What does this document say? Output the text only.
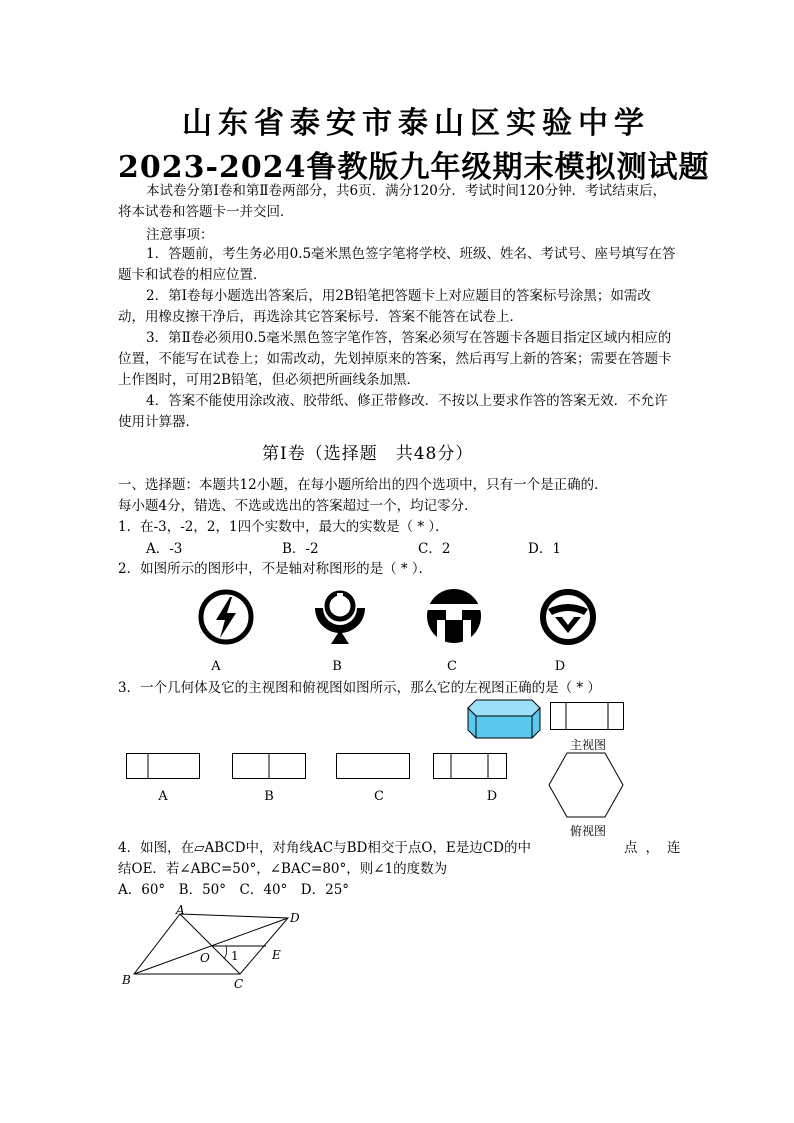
山东省泰安市泰山区实验中学
2023-2024鲁教版九年级期末模拟测试题
本试卷分第Ⅰ卷和第Ⅱ卷两部分，共6页．满分120分．考试时间120分钟．考试结束后，将本试卷和答题卡一并交回．
注意事项：
1．答题前，考生务必用0.5毫米黑色签字笔将学校、班级、姓名、考试号、座号填写在答题卡和试卷的相应位置．
2．第Ⅰ卷每小题选出答案后，用2B铅笔把答题卡上对应题目的答案标号涂黑；如需改动，用橡皮擦干净后，再选涂其它答案标号．答案不能答在试卷上．
3．第Ⅱ卷必须用0.5毫米黑色签字笔作答，答案必须写在答题卡各题目指定区域内相应的位置，不能写在试卷上；如需改动，先划掉原来的答案，然后再写上新的答案；需要在答题卡上作图时，可用2B铅笔，但必须把所画线条加黑．
4．答案不能使用涂改液、胶带纸、修正带修改．不按以上要求作答的答案无效．不允许使用计算器．
第Ⅰ卷（选择题　共48分）
一、选择题：本题共12小题，在每小题所给出的四个选项中，只有一个是正确的．
每小题4分，错选、不选或选出的答案超过一个，均记零分．
1．在-3，-2，2，1四个实数中，最大的实数是（ * ）．
A．-3	B．-2	C．2	D．1
2．如图所示的图形中，不是轴对称图形的是（ * ）．
A	B	C	D
3．一个几何体及它的主视图和俯视图如图所示，那么它的左视图正确的是（ * ）
主视图
俯视图
A	B	C	D
4．如图，在▱ABCD中，对角线AC与BD相交于点O，E是边CD的中	点，连
结OE．若∠ABC=50°，∠BAC=80°，则∠1的度数为
A．60°　B．50°　C．40°　D．25°
A
D
O 1	E
B	C
